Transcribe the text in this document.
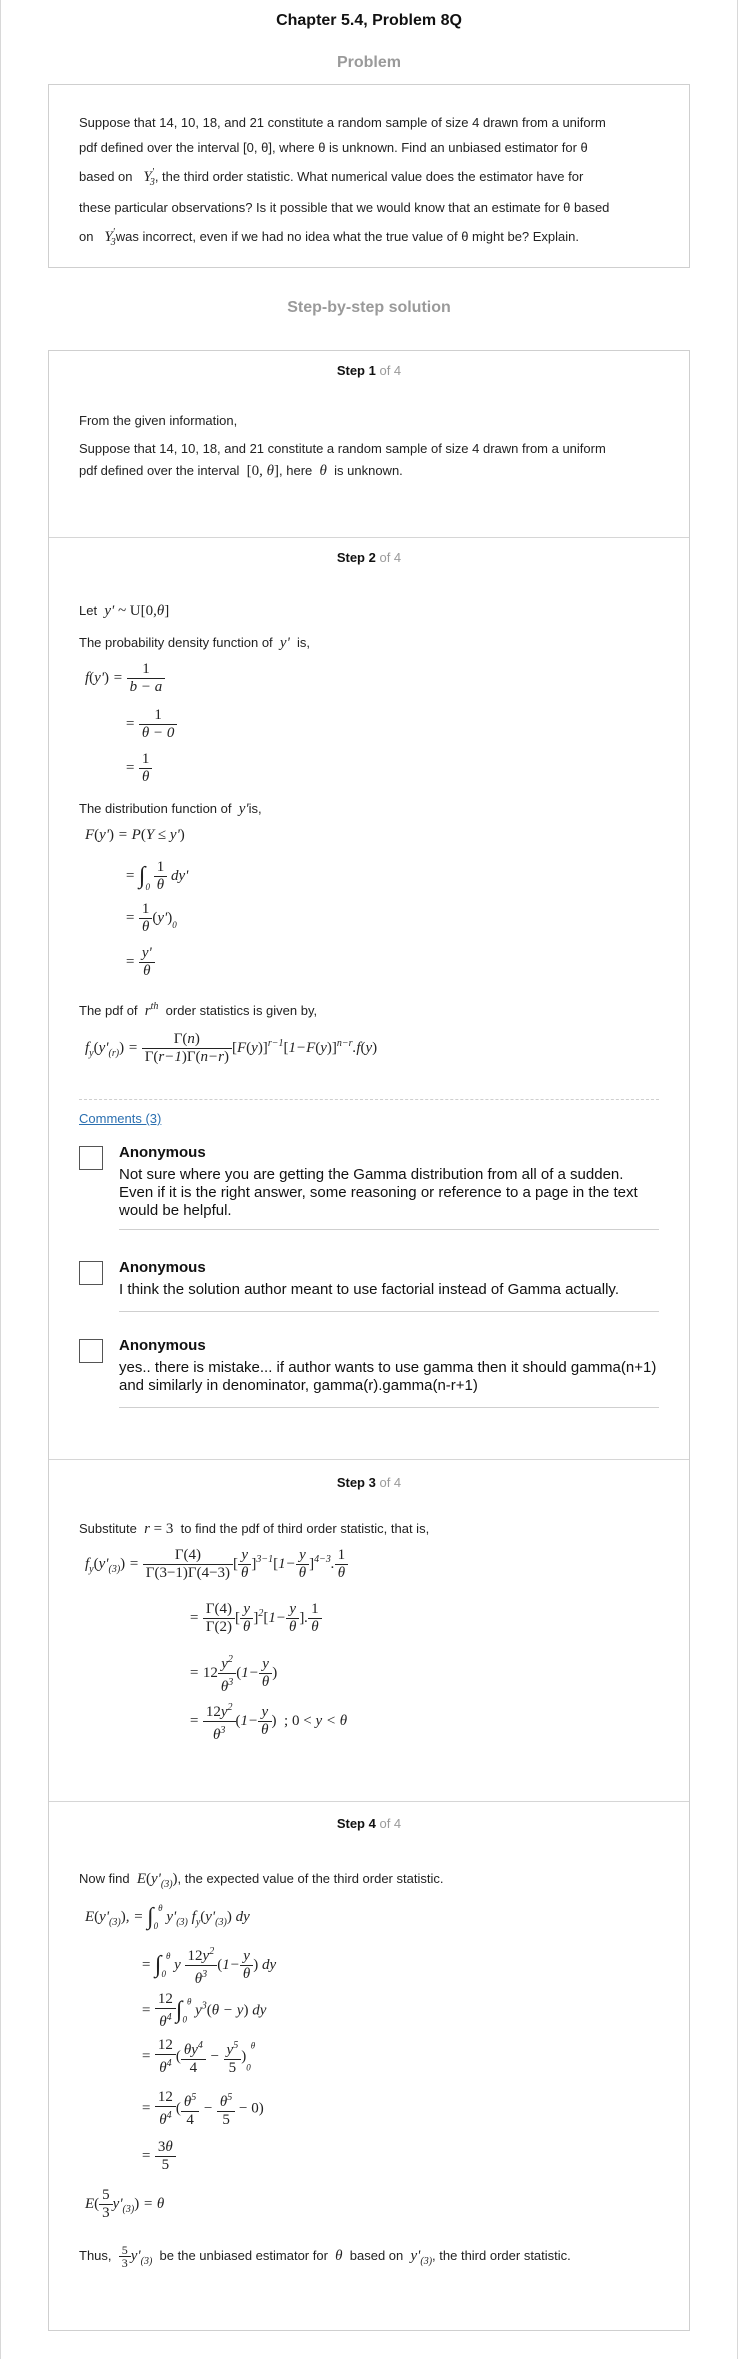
Chapter 5.4, Problem 8Q
Problem
Suppose that 14, 10, 18, and 21 constitute a random sample of size 4 drawn from a uniform
pdf defined over the interval [0, θ], where θ is unknown. Find an unbiased estimator for θ
based on $Y'_3$, the third order statistic. What numerical value does the estimator have for
these particular observations? Is it possible that we would know that an estimate for θ based
on $Y'_3was$ incorrect, even if we had no idea what the true value of θ might be? Explain.
Step-by-step solution
Step 1 of 4
From the given information,
Suppose that 14, 10, 18, and 21 constitute a random sample of size 4 drawn from a uniform
pdf defined over the interval [0, θ], here θ is unknown.
Step 2 of 4
Let y' ~ U[0,θ]
The probability density function of y' is,
$f(y') = \frac{1}{b - a}$
= $\frac{1}{\theta - 0}$
= $\frac{1}{\theta}$
The distribution function of y'is,
F(y') = P(Y ≤ y')
= $\int_0 \frac{1}{\theta} dy'$
= $\frac{1}{\theta} (y')_0$
= $\frac{y'}{\theta}$
The pdf of $r^{th}$ order statistics is given by,
$f_y(y'_{(r)}) = \frac{\Gamma(n)}{\Gamma(r-1)\Gamma(n-r)} [F(y)]^{r-1}[1-F(y)]^{n-r}.f(y)$
Comments (3)
Anonymous
Not sure where you are getting the Gamma distribution from all of a sudden. Even if it is the right answer, some reasoning or reference to a page in the text would be helpful.
Anonymous
I think the solution author meant to use factorial instead of Gamma actually.
Anonymous
yes.. there is mistake... if author wants to use gamma then it should gamma(n+1) and similarly in denominator, gamma(r).gamma(n-r+1)
Step 3 of 4
Substitute r = 3 to find the pdf of third order statistic, that is,
$f_y(y'_{(3)}) = \frac{\Gamma(4)}{\Gamma(3-1)\Gamma(4-3)}$ [ $\frac{y}{\theta} ]^{3-1}[1- \frac{y}{\theta} ]^{4-3}$. $\frac{1}{\theta}$
= $\frac{\Gamma(4)}{\Gamma(2)}$ [ $\frac{y}{\theta} ]^2[1- \frac{y}{\theta}$ ]. $\frac{1}{\theta}$
= $12 \frac{y^2}{\theta^3} (1- \frac{y}{\theta}$ )
= $\frac{12y^2}{\theta^3} (1- \frac{y}{\theta}$ ) ; 0 < y < θ
Step 4 of 4
Now find $E(y'_{(3)})$, the expected value of the third order statistic.
$E(y'_{(3)})$, = $\int_0^\theta$ $y'_{(3)}$ $f_y(y'_{(3)})$ dy
= $\int_0^\theta$ y $\frac{12y^2}{\theta^3} (1- \frac{y}{\theta}$ ) dy
= $\frac{12}{\theta^4} \int_0^\theta$ $y^3(\theta - y)$ dy
= $\frac{12}{\theta^4}$ ( $\frac{\theta y^4}{4} - \frac{y^5}{5} )_0^\theta$
= $\frac{12}{\theta^4}$ ( $\frac{\theta^5}{4} - \frac{\theta^5}{5} - 0$)
= $\frac{3\theta}{5}$
$E( \frac{5}{3} y'_{(3)}) = \theta$
Thus, $\frac{5}{3} y'_{(3)}$ be the unbiased estimator for θ based on $y'_{(3)}$, the third order statistic.
